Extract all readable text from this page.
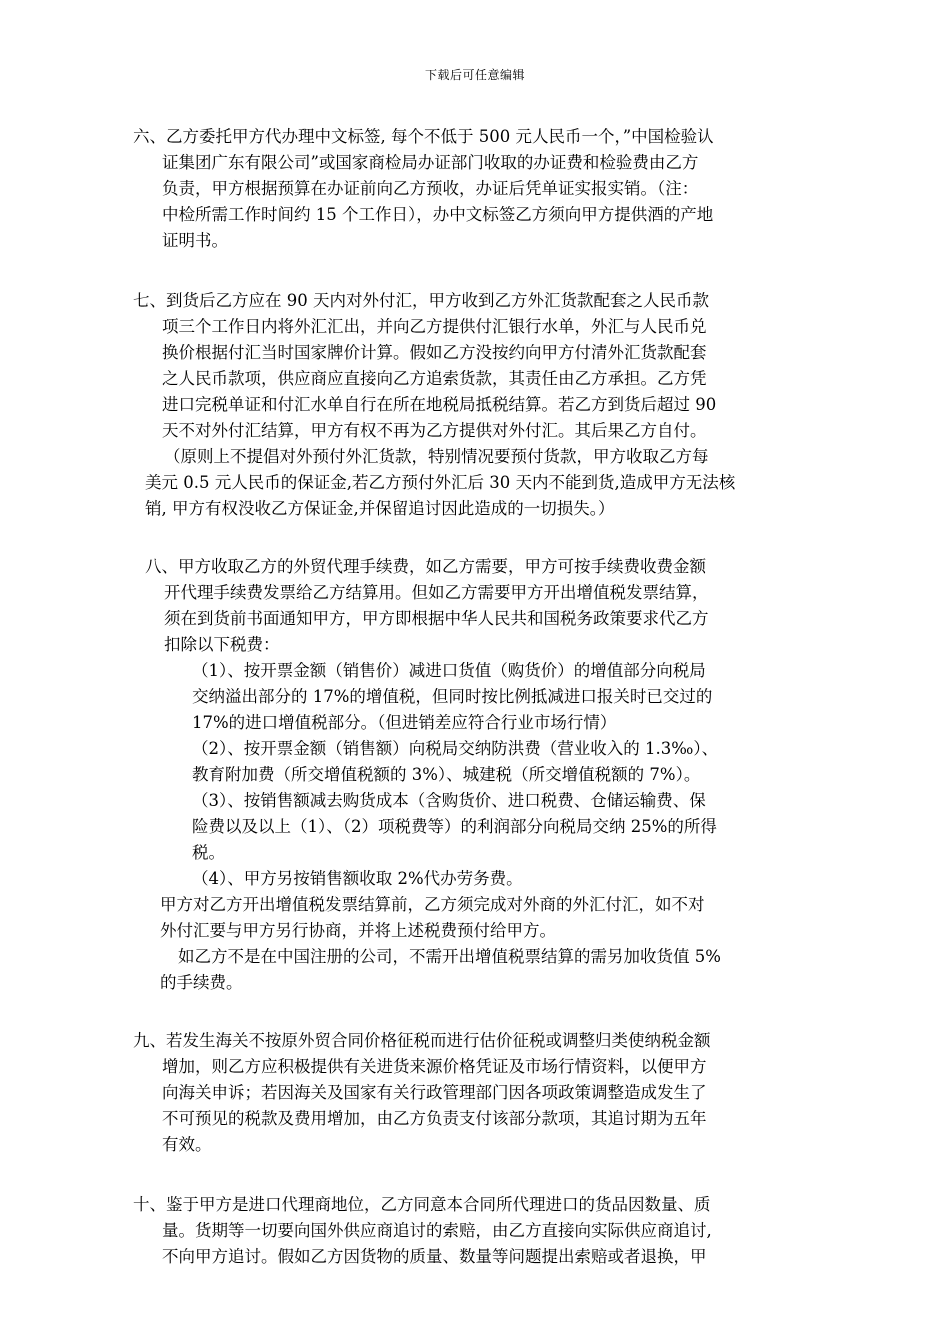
下载后可任意编辑
六、乙方委托甲方代办理中文标签, 每个不低于 500 元人民币一个，”中国检验认
证集团广东有限公司”或国家商检局办证部门收取的办证费和检验费由乙方
负责，甲方根据预算在办证前向乙方预收，办证后凭单证实报实销。（注：
中检所需工作时间约 15 个工作日），办中文标签乙方须向甲方提供酒的产地
证明书。
七、到货后乙方应在 90 天内对外付汇，甲方收到乙方外汇货款配套之人民币款
项三个工作日内将外汇汇出，并向乙方提供付汇银行水单，外汇与人民币兑
换价根据付汇当时国家牌价计算。假如乙方没按约向甲方付清外汇货款配套
之人民币款项，供应商应直接向乙方追索货款，其责任由乙方承担。乙方凭
进口完税单证和付汇水单自行在所在地税局抵税结算。若乙方到货后超过 90
天不对外付汇结算，甲方有权不再为乙方提供对外付汇。其后果乙方自付。
（原则上不提倡对外预付外汇货款，特别情况要预付货款，甲方收取乙方每
美元 0.5 元人民币的保证金,若乙方预付外汇后 30 天内不能到货,造成甲方无法核
销, 甲方有权没收乙方保证金,并保留追讨因此造成的一切损失。）
八、甲方收取乙方的外贸代理手续费，如乙方需要，甲方可按手续费收费金额
开代理手续费发票给乙方结算用。但如乙方需要甲方开出增值税发票结算，
须在到货前书面通知甲方，甲方即根据中华人民共和国税务政策要求代乙方
扣除以下税费：
（1）、按开票金额（销售价）减进口货值（购货价）的增值部分向税局
交纳溢出部分的 17%的增值税，但同时按比例抵减进口报关时已交过的
17%的进口增值税部分。（但进销差应符合行业市场行情）
（2）、按开票金额（销售额）向税局交纳防洪费（营业收入的 1.3‰）、
教育附加费（所交增值税额的 3%）、城建税（所交增值税额的 7%）。
（3）、按销售额减去购货成本（含购货价、进口税费、仓储运输费、保
险费以及以上（1）、（2）项税费等）的利润部分向税局交纳 25%的所得
税。
（4）、甲方另按销售额收取 2%代办劳务费。
甲方对乙方开出增值税发票结算前，乙方须完成对外商的外汇付汇，如不对
外付汇要与甲方另行协商，并将上述税费预付给甲方。
如乙方不是在中国注册的公司，不需开出增值税票结算的需另加收货值 5%
的手续费。
九、若发生海关不按原外贸合同价格征税而进行估价征税或调整归类使纳税金额
增加，则乙方应积极提供有关进货来源价格凭证及市场行情资料，以便甲方
向海关申诉；若因海关及国家有关行政管理部门因各项政策调整造成发生了
不可预见的税款及费用增加，由乙方负责支付该部分款项，其追讨期为五年
有效。
十、鉴于甲方是进口代理商地位，乙方同意本合同所代理进口的货品因数量、质
量。货期等一切要向国外供应商追讨的索赔，由乙方直接向实际供应商追讨,
不向甲方追讨。假如乙方因货物的质量、数量等问题提出索赔或者退换，甲
